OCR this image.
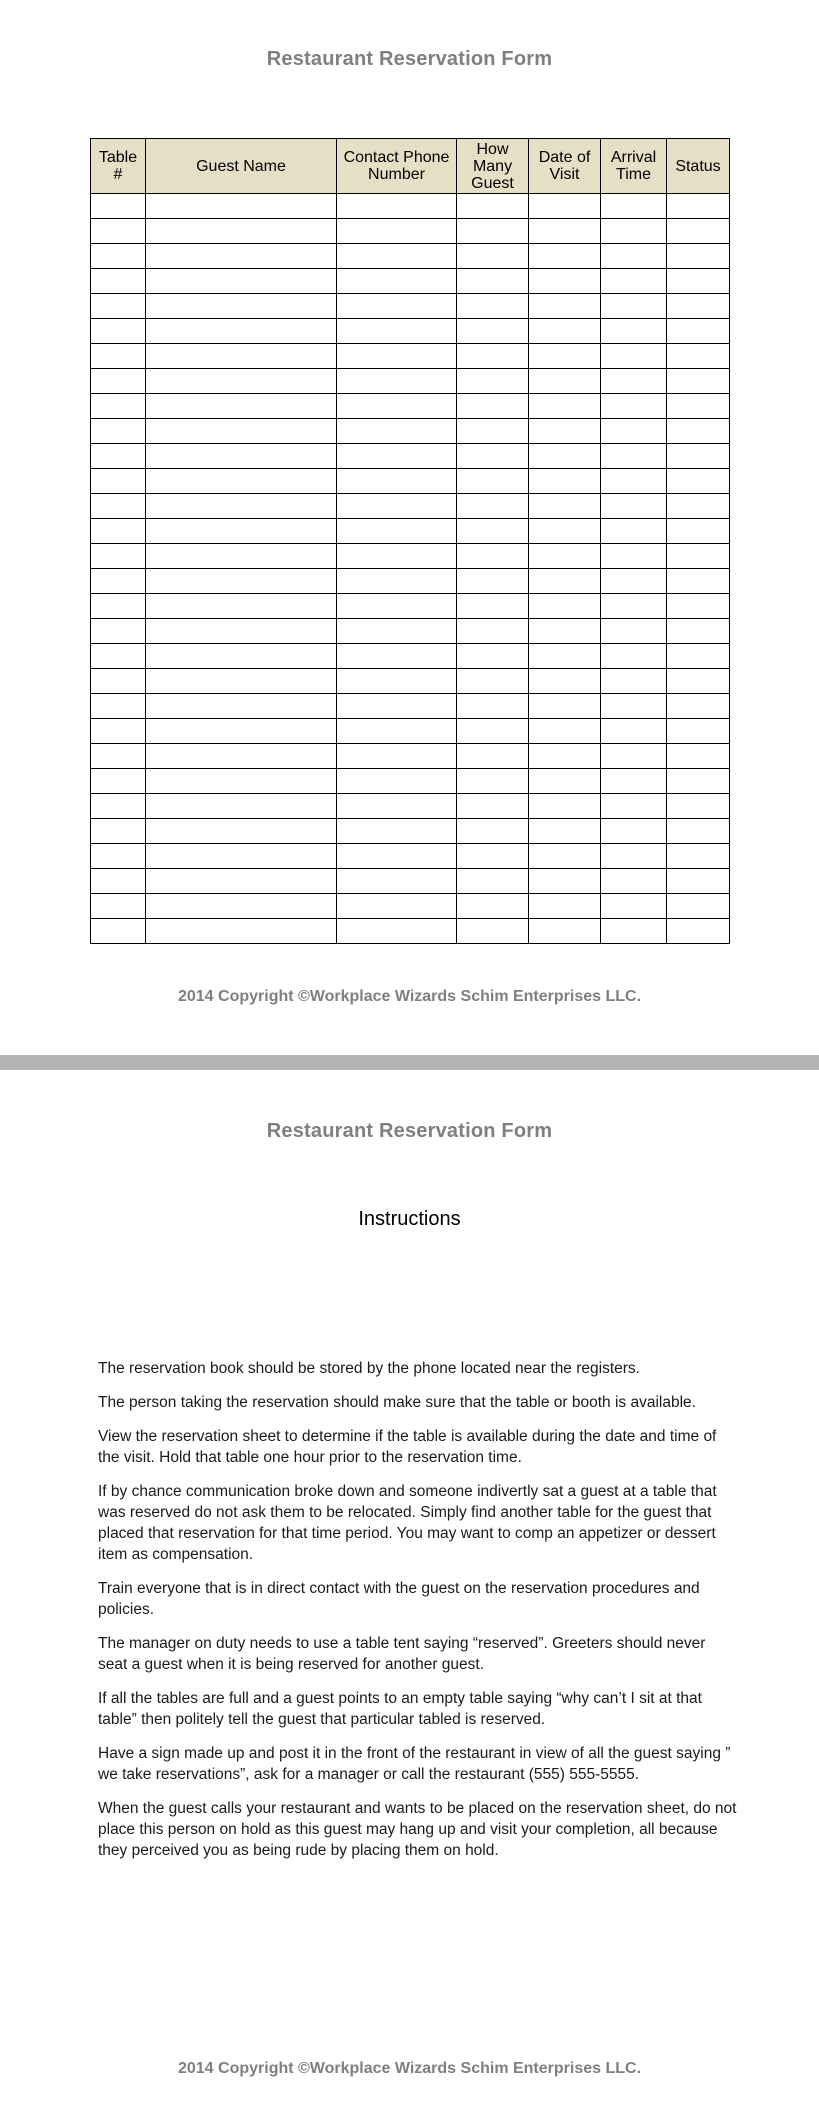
Restaurant Reservation Form
Table #	Guest Name	Contact Phone Number	How Many Guest	Date of Visit	Arrival Time	Status

2014 Copyright ©Workplace Wizards Schim Enterprises LLC.
Restaurant Reservation Form
Instructions

The reservation book should be stored by the phone located near the registers.

The person taking the reservation should make sure that the table or booth is available.

View the reservation sheet to determine if the table is available during the date and time of the visit. Hold that table one hour prior to the reservation time.

If by chance communication broke down and someone indivertly sat a guest at a table that was reserved do not ask them to be relocated. Simply find another table for the guest that placed that reservation for that time period. You may want to comp an appetizer or dessert item as compensation.

Train everyone that is in direct contact with the guest on the reservation procedures and policies.

The manager on duty needs to use a table tent saying “reserved”. Greeters should never seat a guest when it is being reserved for another guest.

If all the tables are full and a guest points to an empty table saying “why can’t I sit at that table” then politely tell the guest that particular tabled is reserved.

Have a sign made up and post it in the front of the restaurant in view of all the guest saying ” we take reservations”, ask for a manager or call the restaurant (555) 555-5555.

When the guest calls your restaurant and wants to be placed on the reservation sheet, do not place this person on hold as this guest may hang up and visit your completion, all because they perceived you as being rude by placing them on hold.

2014 Copyright ©Workplace Wizards Schim Enterprises LLC.
